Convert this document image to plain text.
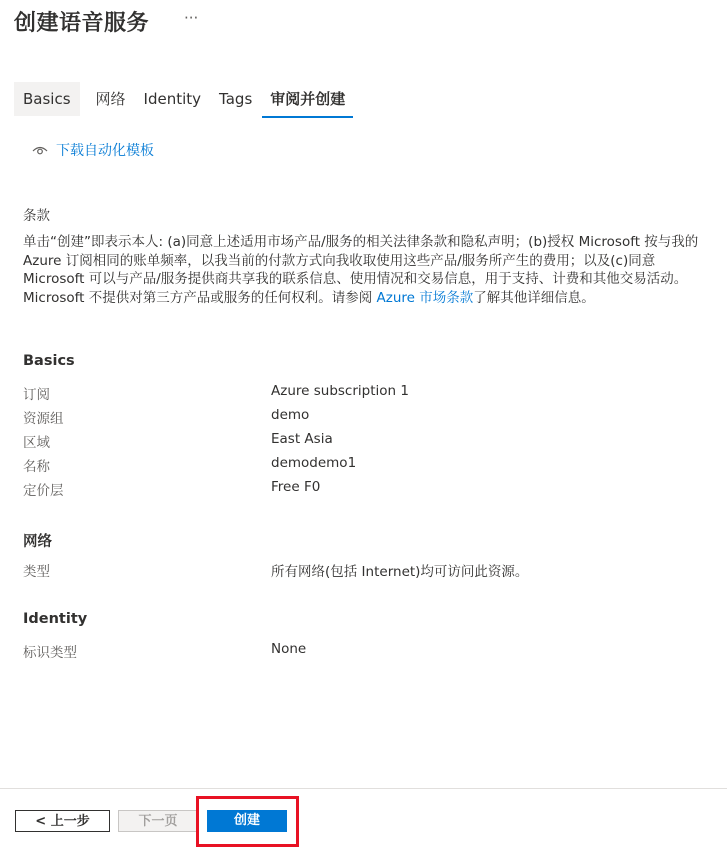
创建语音服务 ···
Basics	网络	Identity	Tags	审阅并创建
下载自动化模板
条款

单击“创建”即表示本人: (a)同意上述适用市场产品/服务的相关法律条款和隐私声明；(b)授权 Microsoft 按与我的 Azure 订阅相同的账单频率，以我当前的付款方式向我收取使用这些产品/服务所产生的费用；以及(c)同意 Microsoft 可以与产品/服务提供商共享我的联系信息、使用情况和交易信息，用于支持、计费和其他交易活动。Microsoft 不提供对第三方产品或服务的任何权利。请参阅 Azure 市场条款了解其他详细信息。

Basics
订阅	Azure subscription 1
资源组	demo
区域	East Asia
名称	demodemo1
定价层	Free F0
网络
类型	所有网络(包括 Internet)均可访问此资源。
Identity
标识类型	None
< 上一步	下一页	创建
